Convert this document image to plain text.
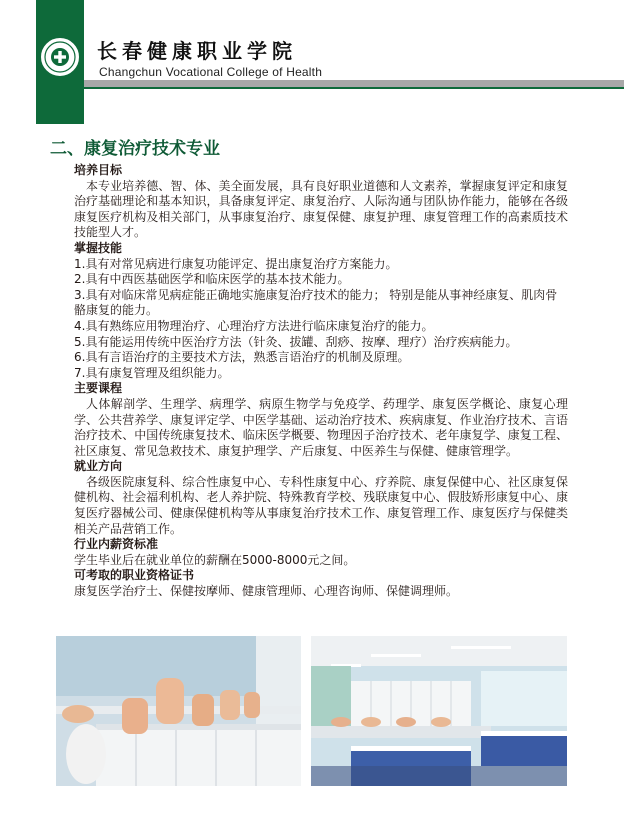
长春健康职业学院

Changchun Vocational College of Health

二、康复治疗技术专业

培养目标

本专业培养德、智、体、美全面发展，具有良好职业道德和人文素养，掌握康复评定和康复治疗基础理论和基本知识，具备康复评定、康复治疗、人际沟通与团队协作能力，能够在各级康复医疗机构及相关部门，从事康复治疗、康复保健、康复护理、康复管理工作的高素质技术技能型人才。

掌握技能

1.具有对常见病进行康复功能评定、提出康复治疗方案能力。

2.具有中西医基础医学和临床医学的基本技术能力。

3.具有对临床常见病症能正确地实施康复治疗技术的能力； 特别是能从事神经康复、肌肉骨骼康复的能力。

4.具有熟练应用物理治疗、心理治疗方法进行临床康复治疗的能力。

5.具有能运用传统中医治疗方法（针灸、拔罐、刮痧、按摩、理疗）治疗疾病能力。

6.具有言语治疗的主要技术方法，熟悉言语治疗的机制及原理。

7.具有康复管理及组织能力。

主要课程

人体解剖学、生理学、病理学、病原生物学与免疫学、药理学、康复医学概论、康复心理学、公共营养学、康复评定学、中医学基础、运动治疗技术、疾病康复、作业治疗技术、言语治疗技术、中国传统康复技术、临床医学概要、物理因子治疗技术、老年康复学、康复工程、社区康复、常见急救技术、康复护理学、产后康复、中医养生与保健、健康管理学。

就业方向

各级医院康复科、综合性康复中心、专科性康复中心、疗养院、康复保健中心、社区康复保健机构、社会福利机构、老人养护院、特殊教育学校、残联康复中心、假肢矫形康复中心、康复医疗器械公司、健康保健机构等从事康复治疗技术工作、康复管理工作、康复医疗与保健类相关产品营销工作。

行业内薪资标准

学生毕业后在就业单位的薪酬在5000-8000元之间。

可考取的职业资格证书

康复医学治疗士、保健按摩师、健康管理师、心理咨询师、保健调理师。
